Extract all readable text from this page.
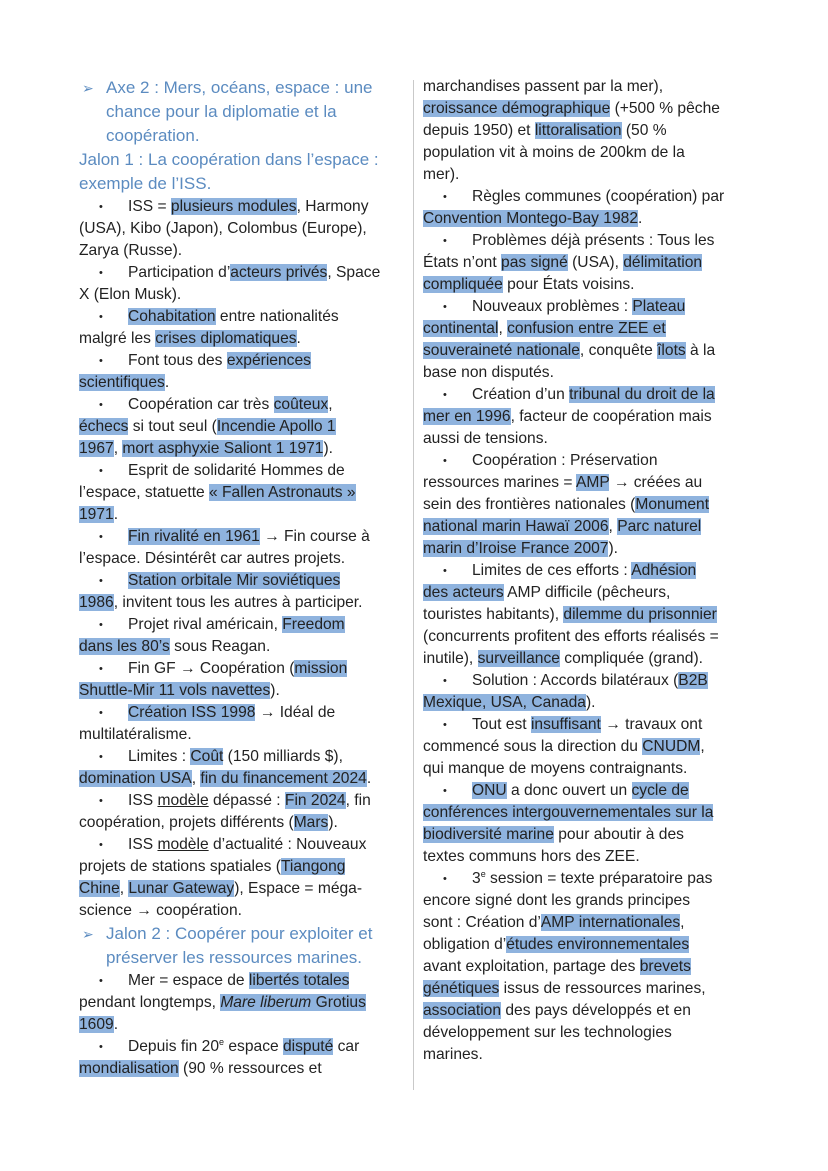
➢ Axe 2 : Mers, océans, espace : une
chance pour la diplomatie et la
coopération.
Jalon 1 : La coopération dans l’espace :
exemple de l’ISS.
• ISS = plusieurs modules, Harmony
(USA), Kibo (Japon), Colombus (Europe),
Zarya (Russe).
• Participation d’acteurs privés, Space
X (Elon Musk).
• Cohabitation entre nationalités
malgré les crises diplomatiques.
• Font tous des expériences
scientifiques.
• Coopération car très coûteux,
échecs si tout seul (Incendie Apollo 1
1967, mort asphyxie Saliont 1 1971).
• Esprit de solidarité Hommes de
l’espace, statuette « Fallen Astronauts »
1971.
• Fin rivalité en 1961 → Fin course à
l’espace. Désintérêt car autres projets.
• Station orbitale Mir soviétiques
1986, invitent tous les autres à participer.
• Projet rival américain, Freedom
dans les 80’s sous Reagan.
• Fin GF → Coopération (mission
Shuttle-Mir 11 vols navettes).
• Création ISS 1998 → Idéal de
multilatéralisme.
• Limites : Coût (150 milliards $),
domination USA, fin du financement 2024.
• ISS modèle dépassé : Fin 2024, fin
coopération, projets différents (Mars).
• ISS modèle d’actualité : Nouveaux
projets de stations spatiales (Tiangong
Chine, Lunar Gateway), Espace = méga-
science → coopération.
➢ Jalon 2 : Coopérer pour exploiter et
préserver les ressources marines.
• Mer = espace de libertés totales
pendant longtemps, Mare liberum Grotius
1609.
• Depuis fin 20e espace disputé car
mondialisation (90 % ressources et
marchandises passent par la mer),
croissance démographique (+500 % pêche
depuis 1950) et littoralisation (50 %
population vit à moins de 200km de la
mer).
• Règles communes (coopération) par
Convention Montego-Bay 1982.
• Problèmes déjà présents : Tous les
États n’ont pas signé (USA), délimitation
compliquée pour États voisins.
• Nouveaux problèmes : Plateau
continental, confusion entre ZEE et
souveraineté nationale, conquête îlots à la
base non disputés.
• Création d’un tribunal du droit de la
mer en 1996, facteur de coopération mais
aussi de tensions.
• Coopération : Préservation
ressources marines = AMP → créées au
sein des frontières nationales (Monument
national marin Hawaï 2006, Parc naturel
marin d’Iroise France 2007).
• Limites de ces efforts : Adhésion
des acteurs AMP difficile (pêcheurs,
touristes habitants), dilemme du prisonnier
(concurrents profitent des efforts réalisés =
inutile), surveillance compliquée (grand).
• Solution : Accords bilatéraux (B2B
Mexique, USA, Canada).
• Tout est insuffisant → travaux ont
commencé sous la direction du CNUDM,
qui manque de moyens contraignants.
• ONU a donc ouvert un cycle de
conférences intergouvernementales sur la
biodiversité marine pour aboutir à des
textes communs hors des ZEE.
• 3e session = texte préparatoire pas
encore signé dont les grands principes
sont : Création d’AMP internationales,
obligation d’études environnementales
avant exploitation, partage des brevets
génétiques issus de ressources marines,
association des pays développés et en
développement sur les technologies
marines.
